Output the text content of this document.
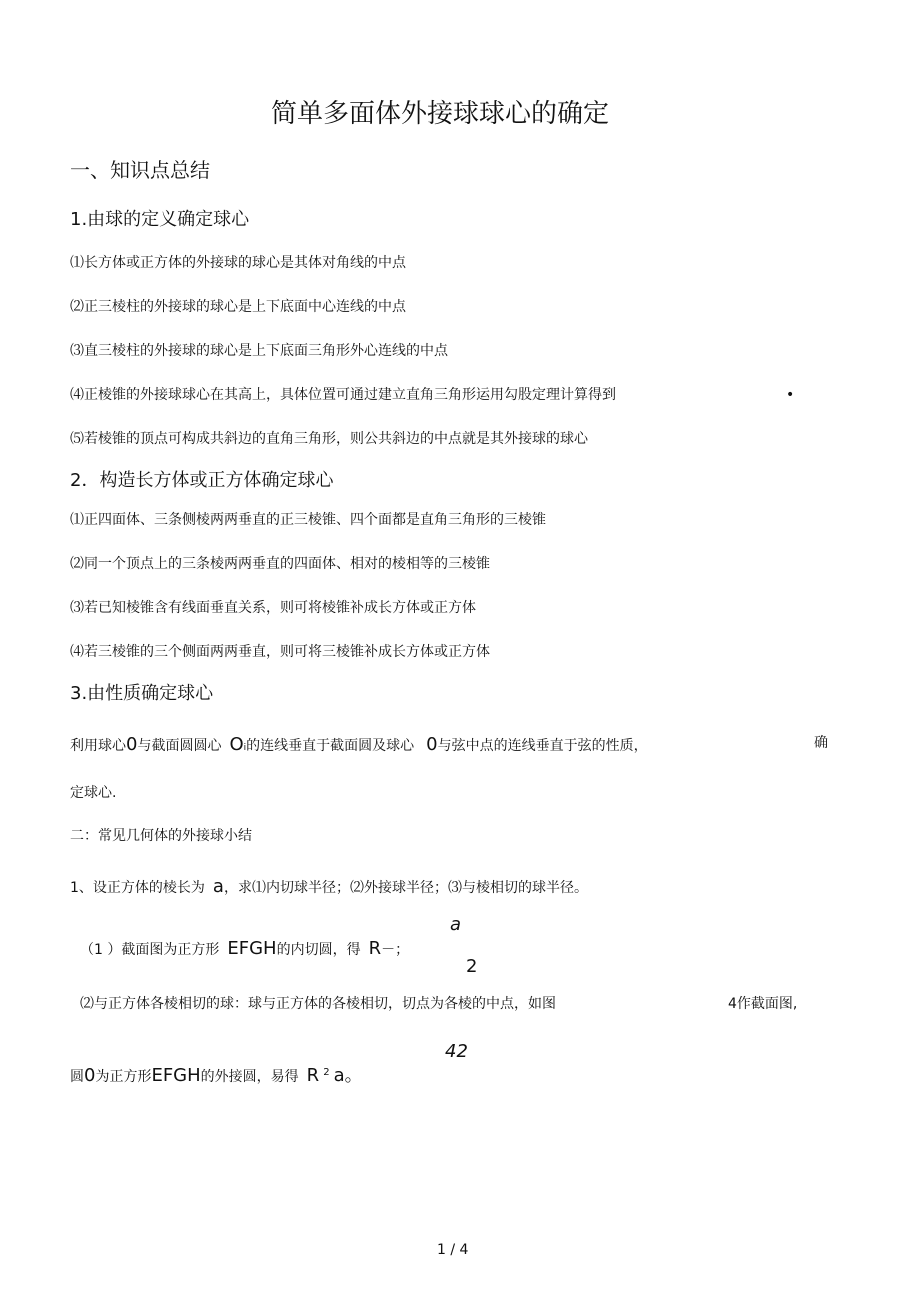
简单多面体外接球球心的确定
一、知识点总结
1.由球的定义确定球心
⑴长方体或正方体的外接球的球心是其体对角线的中点
⑵正三棱柱的外接球的球心是上下底面中心连线的中点
⑶直三棱柱的外接球的球心是上下底面三角形外心连线的中点
⑷正棱锥的外接球球心在其高上，具体位置可通过建立直角三角形运用勾股定理计算得到	•
⑸若棱锥的顶点可构成共斜边的直角三角形，则公共斜边的中点就是其外接球的球心
2．构造长方体或正方体确定球心
⑴正四面体、三条侧棱两两垂直的正三棱锥、四个面都是直角三角形的三棱锥
⑵同一个顶点上的三条棱两两垂直的四面体、相对的棱相等的三棱锥
⑶若已知棱锥含有线面垂直关系，则可将棱锥补成长方体或正方体
⑷若三棱锥的三个侧面两两垂直，则可将三棱锥补成长方体或正方体
3.由性质确定球心
利用球心0与截面圆圆心 Oi的连线垂直于截面圆及球心 0与弦中点的连线垂直于弦的性质，	确
定球心.
二：常见几何体的外接球小结
1、设正方体的棱长为 a，求⑴内切球半径；⑵外接球半径；⑶与棱相切的球半径。
a
（1 ）截面图为正方形 EFGH的内切圆，得 R－；
2
⑵与正方体各棱相切的球：球与正方体的各棱相切，切点为各棱的中点，如图	4作截面图,
42
圆0为正方形EFGH的外接圆，易得 R $^2$ a。
1 / 4
